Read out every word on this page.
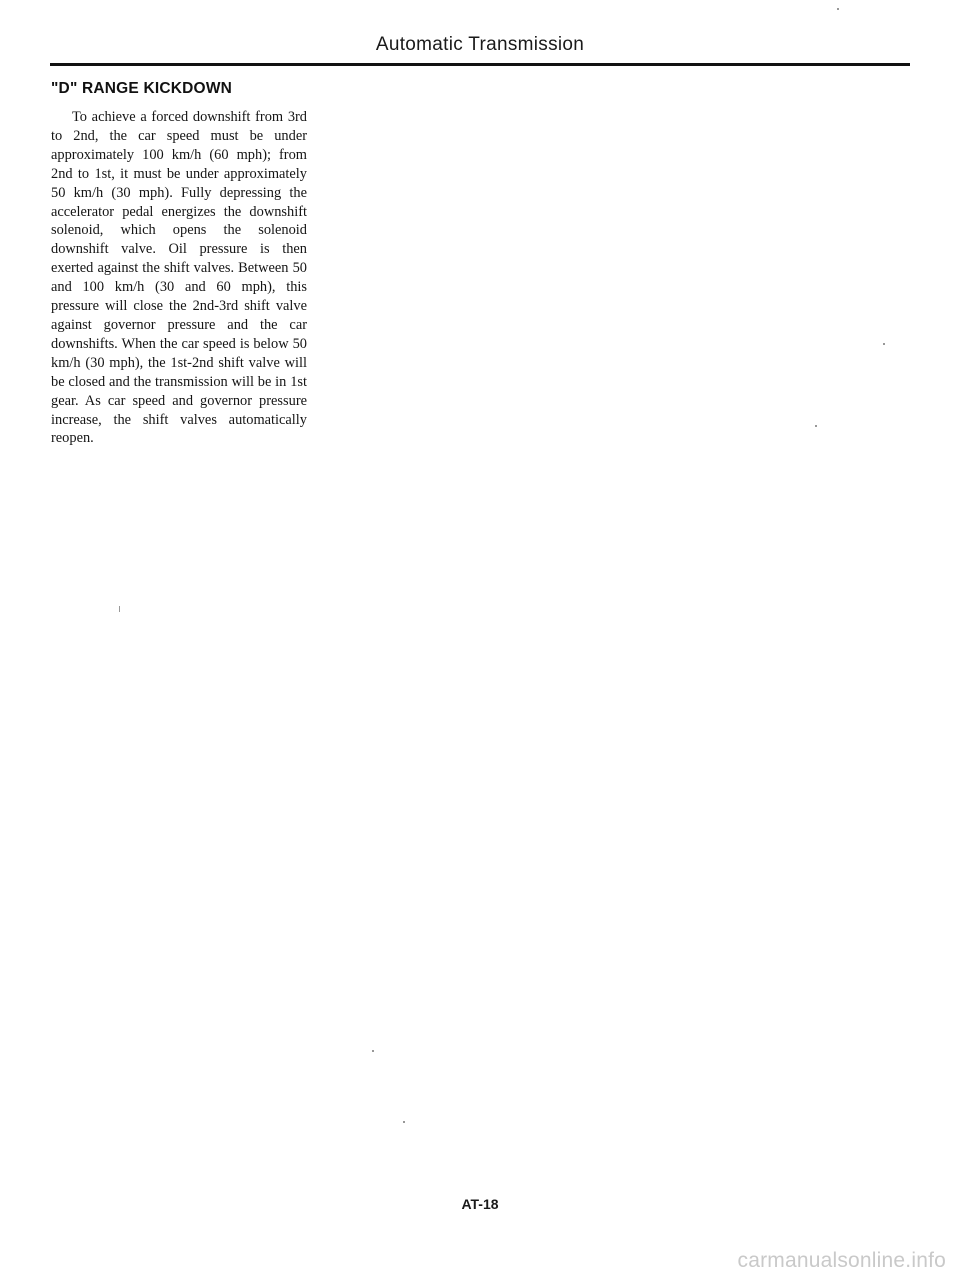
Automatic Transmission
"D" RANGE KICKDOWN

To achieve a forced downshift from 3rd to 2nd, the car speed must be under approximately 100 km/h (60 mph); from 2nd to 1st, it must be under approximately 50 km/h (30 mph). Fully depressing the accelerator pedal energizes the downshift solenoid, which opens the solenoid downshift valve. Oil pressure is then exerted against the shift valves. Between 50 and 100 km/h (30 and 60 mph), this pressure will close the 2nd-3rd shift valve against governor pressure and the car downshifts. When the car speed is below 50 km/h (30 mph), the 1st-2nd shift valve will be closed and the transmission will be in 1st gear. As car speed and governor pressure increase, the shift valves automatically reopen.

AT-18
carmanualsonline.info
